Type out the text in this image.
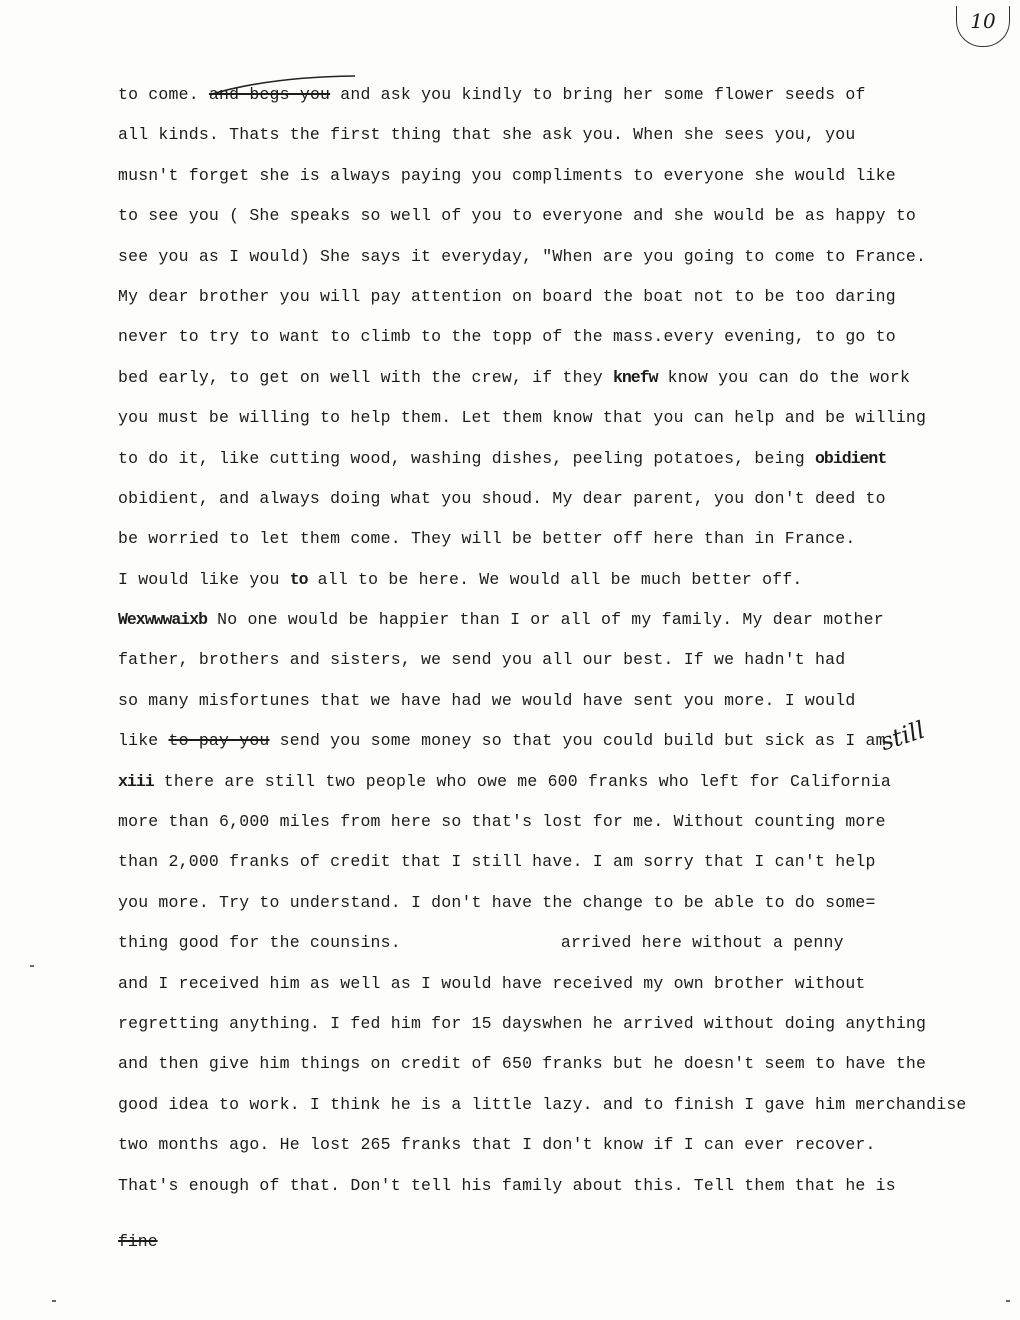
10
to come. and begs you and ask you kindly to bring her some flower seeds of
all kinds. Thats the first thing that she ask you. When she sees you, you
musn't forget she is always paying you compliments to everyone she would like
to see you ( She speaks so well of you to everyone and she would be as happy to
see you as I would) She says it everyday, "When are you going to come to France.
My dear brother you will pay attention on board the boat not to be too daring
never to try to want to climb to the topp of the mass.every evening, to go to
bed early, to get on well with the crew, if they knefw know you can do the work
you must be willing to help them. Let them know that you can help and be willing
to do it, like cutting wood, washing dishes, peeling potatoes, being obidient
obidient, and always doing what you shoud. My dear parent, you don't deed to
be worried to let them come. They will be better off here than in France.
I would like you to all to be here. We would all be much better off.
Wexwwwaixb No one would be happier than I or all of my family. My dear mother
father, brothers and sisters, we send you all our best. If we hadn't had
so many misfortunes that we have had we would have sent you more. I would
like to pay you send you some money so that you could build but sick as I am
xiii there are still two people who owe me 600 franks who left for California
more than 6,000 miles from here so that's lost for me. Without counting more
than 2,000 franks of credit that I still have. I am sorry that I can't help
you more. Try to understand. I don't have the change to be able to do some=
thing good for the counsins.	arrived here without a penny
and I received him as well as I would have received my own brother without
regretting anything. I fed him for 15 dayswhen he arrived without doing anything
and then give him things on credit of 650 franks but he doesn't seem to have the
good idea to work. I think he is a little lazy. and to finish I gave him merchandise
two months ago. He lost 265 franks that I don't know if I can ever recover.
That's enough of that. Don't tell his family about this. Tell them that he is
still
fine
